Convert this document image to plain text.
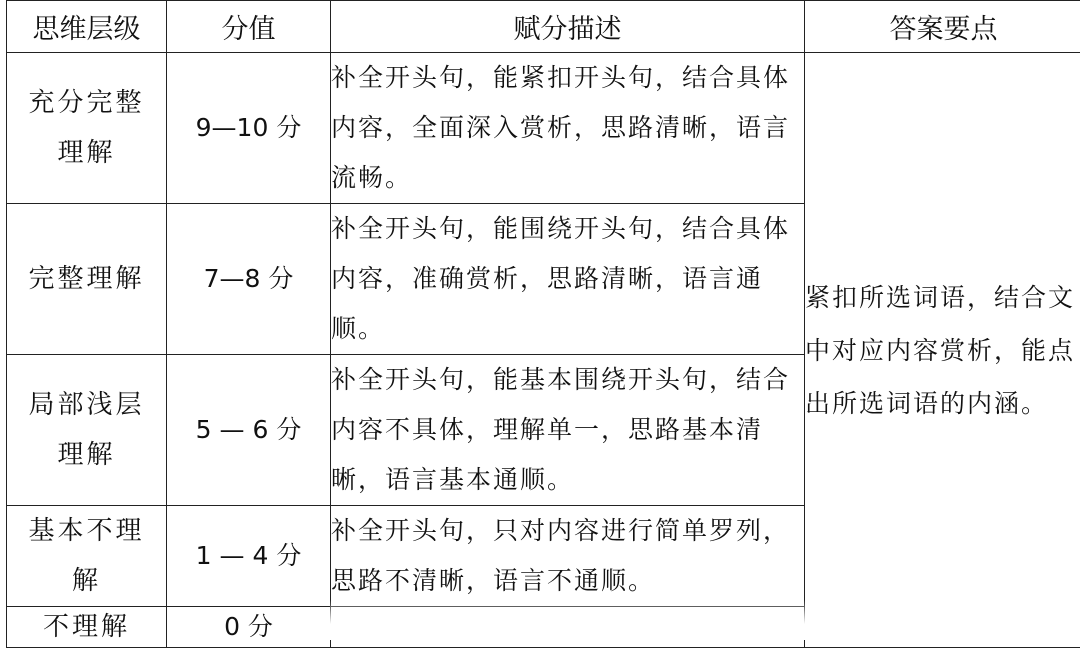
思维层级	分值	赋分描述	答案要点
充分完整理解	9—10 分	补全开头句，能紧扣开头句，结合具体内容，全面深入赏析，思路清晰，语言流畅。	紧扣所选词语，结合文中对应内容赏析，能点出所选词语的内涵。
完整理解	7—8 分	补全开头句，能围绕开头句，结合具体内容，准确赏析，思路清晰，语言通顺。	
局部浅层理解	5 — 6 分	补全开头句，能基本围绕开头句，结合内容不具体，理解单一，思路基本清晰，语言基本通顺。	
基本不理解	1 — 4 分	补全开头句，只对内容进行简单罗列，思路不清晰，语言不通顺。	
不理解	0 分		
